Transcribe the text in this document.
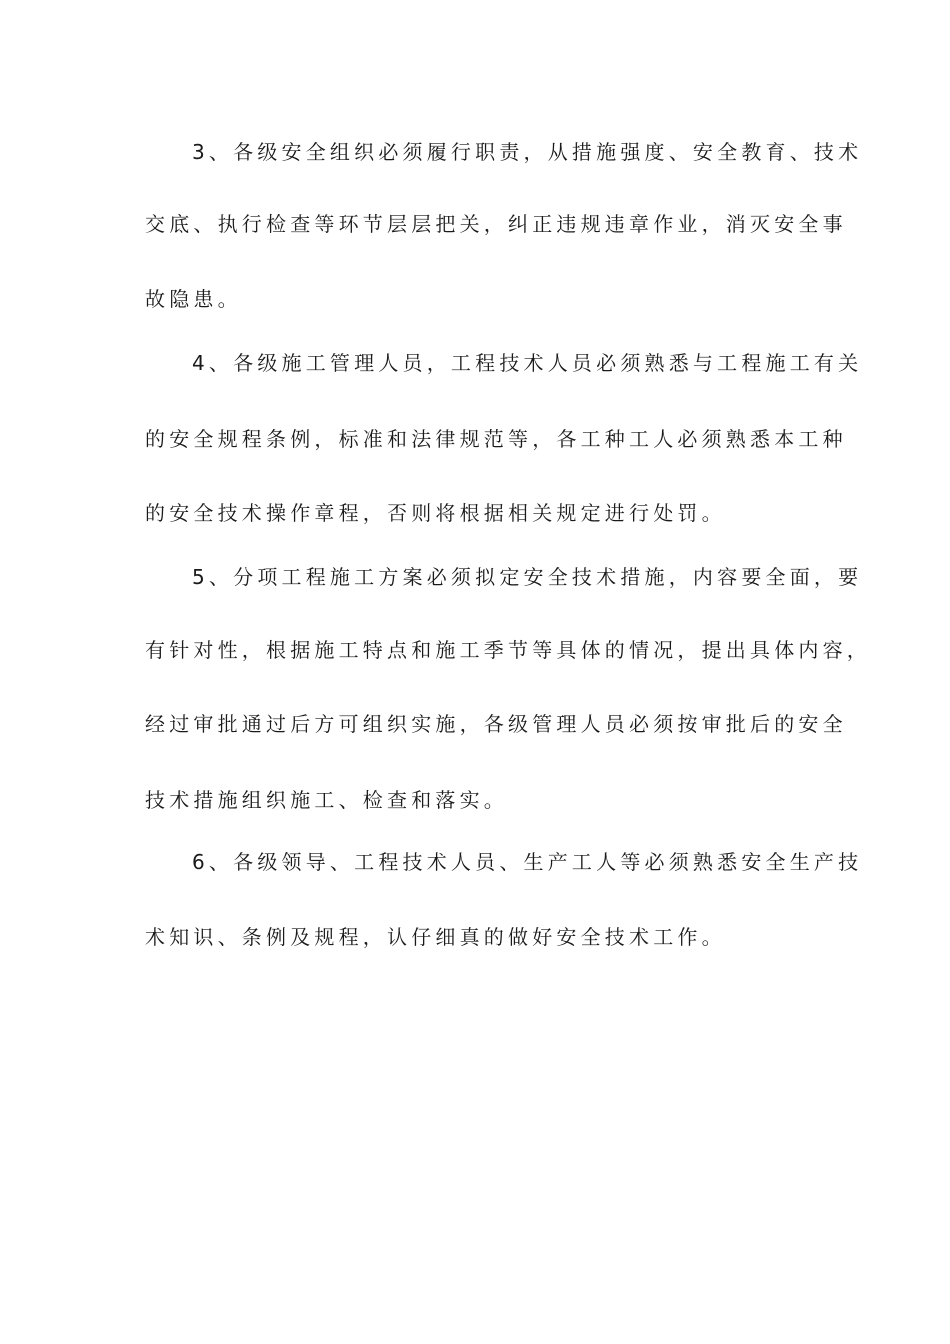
3、各级安全组织必须履行职责，从措施强度、安全教育、技术
交底、执行检查等环节层层把关，纠正违规违章作业，消灭安全事
故隐患。
4、各级施工管理人员，工程技术人员必须熟悉与工程施工有关
的安全规程条例，标准和法律规范等，各工种工人必须熟悉本工种
的安全技术操作章程，否则将根据相关规定进行处罚。
5、分项工程施工方案必须拟定安全技术措施，内容要全面，要
有针对性，根据施工特点和施工季节等具体的情况，提出具体内容，
经过审批通过后方可组织实施，各级管理人员必须按审批后的安全
技术措施组织施工、检查和落实。
6、各级领导、工程技术人员、生产工人等必须熟悉安全生产技
术知识、条例及规程，认仔细真的做好安全技术工作。
